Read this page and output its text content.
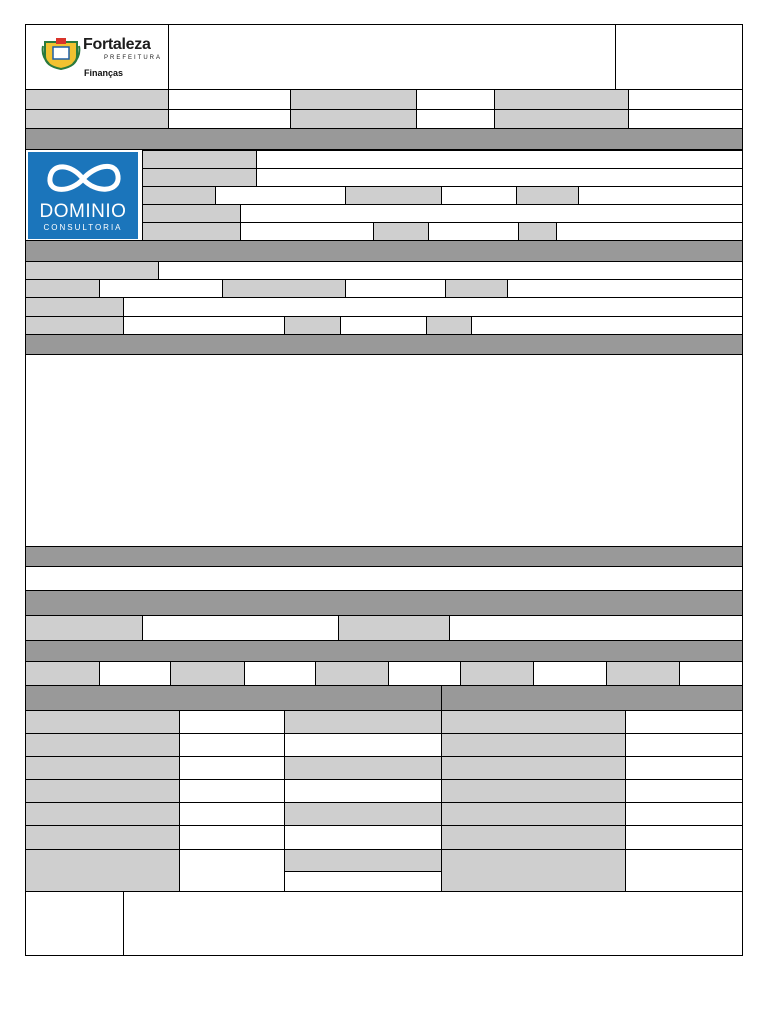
Fortaleza
PREFEITURA
Finanças
DOMINIO
CONSULTORIA
